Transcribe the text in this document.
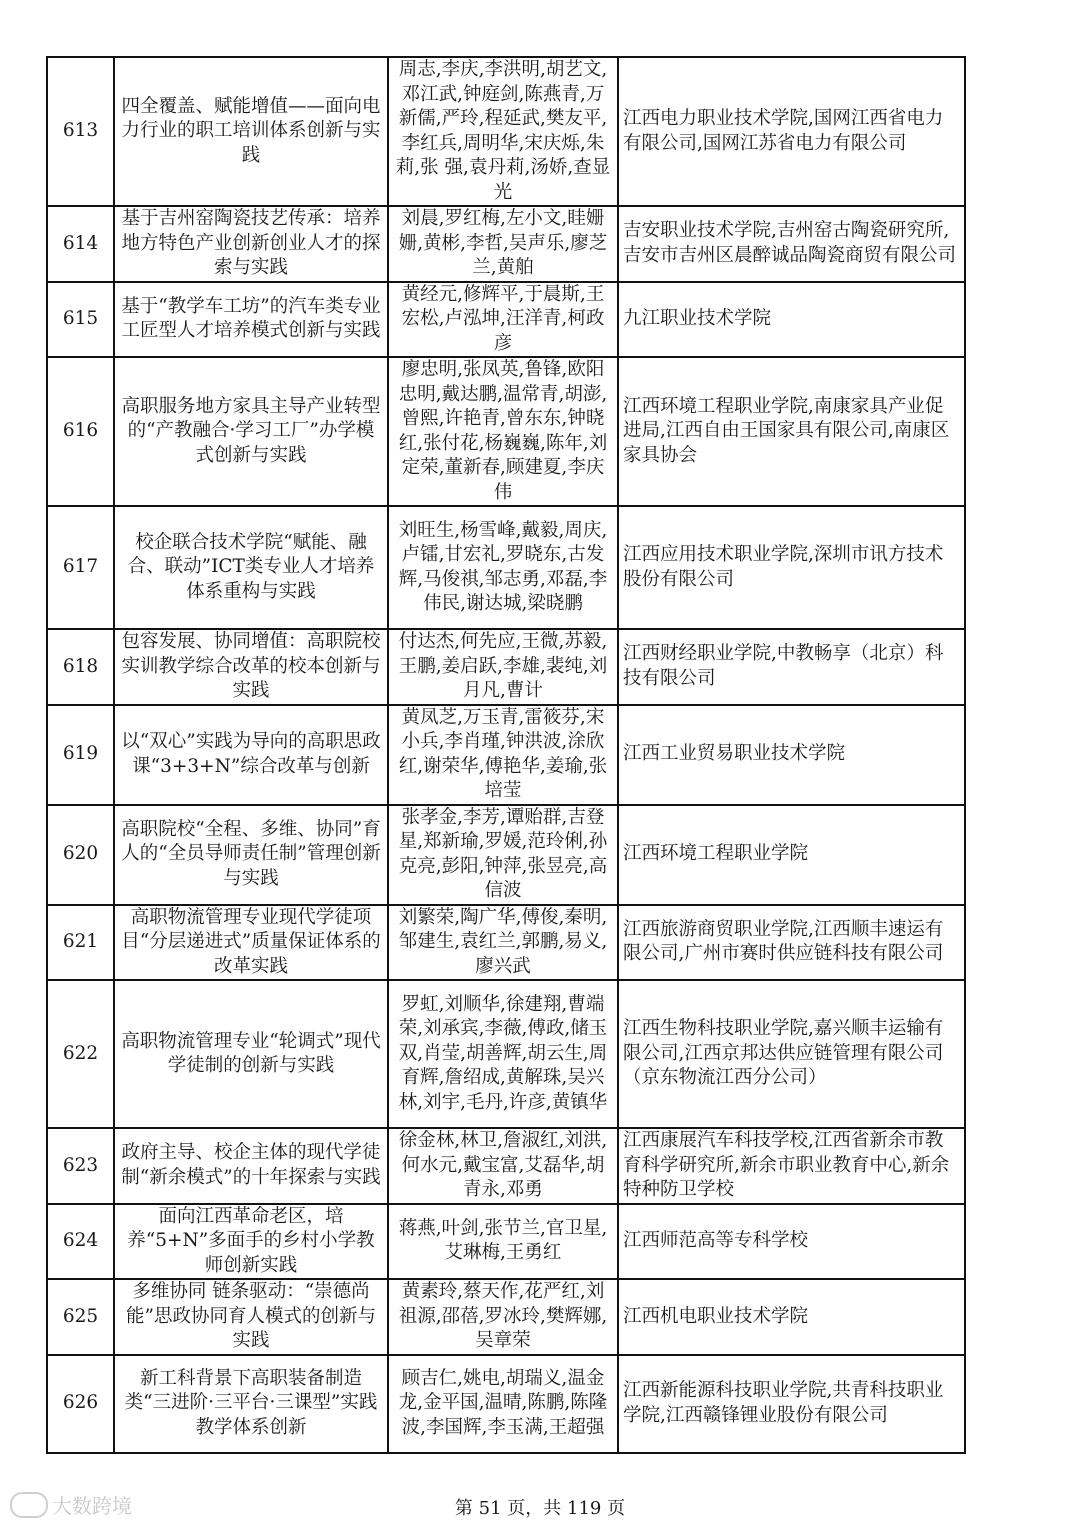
613	四全覆盖、赋能增值——面向电力行业的职工培训体系创新与实践	周志,李庆,李洪明,胡艺文,邓江武,钟庭剑,陈燕青,万新儒,严玲,程延武,樊友平,李红兵,周明华,宋庆烁,朱莉,张 强,袁丹莉,汤娇,查显光	江西电力职业技术学院,国网江西省电力有限公司,国网江苏省电力有限公司
614	基于吉州窑陶瓷技艺传承：培养地方特色产业创新创业人才的探索与实践	刘晨,罗红梅,左小文,眭姗姗,黄彬,李哲,吴声乐,廖芝兰,黄舶	吉安职业技术学院,吉州窑古陶瓷研究所,吉安市吉州区晨醉诚品陶瓷商贸有限公司
615	基于“教学车工坊”的汽车类专业工匠型人才培养模式创新与实践	黄经元,修辉平,于晨斯,王宏松,卢泓坤,汪洋青,柯政彦	九江职业技术学院
616	高职服务地方家具主导产业转型的“产教融合·学习工厂”办学模式创新与实践	廖忠明,张凤英,鲁锋,欧阳忠明,戴达鹏,温常青,胡澎,曾熙,许艳青,曾东东,钟晓红,张付花,杨巍巍,陈年,刘定荣,董新春,顾建夏,李庆伟	江西环境工程职业学院,南康家具产业促进局,江西自由王国家具有限公司,南康区家具协会
617	校企联合技术学院“赋能、融合、联动”ICT类专业人才培养体系重构与实践	刘旺生,杨雪峰,戴毅,周庆,卢镭,甘宏礼,罗晓东,古发辉,马俊祺,邹志勇,邓磊,李伟民,谢达城,梁晓鹏	江西应用技术职业学院,深圳市讯方技术股份有限公司
618	包容发展、协同增值：高职院校实训教学综合改革的校本创新与实践	付达杰,何先应,王微,苏毅,王鹏,姜启跃,李雄,裴纯,刘月凡,曹计	江西财经职业学院,中教畅享（北京）科技有限公司
619	以“双心”实践为导向的高职思政课“3+3+N”综合改革与创新	黄凤芝,万玉青,雷筱芬,宋小兵,李肖瑾,钟洪波,涂欣红,谢荣华,傅艳华,姜瑜,张培莹	江西工业贸易职业技术学院
620	高职院校“全程、多维、协同”育人的“全员导师责任制”管理创新与实践	张孝金,李芳,谭贻群,吉登星,郑新瑜,罗媛,范玲俐,孙克亮,彭阳,钟萍,张昱亮,高信波	江西环境工程职业学院
621	高职物流管理专业现代学徒项目“分层递进式”质量保证体系的改革实践	刘繁荣,陶广华,傅俊,秦明,邹建生,袁红兰,郭鹏,易义,廖兴武	江西旅游商贸职业学院,江西顺丰速运有限公司,广州市赛时供应链科技有限公司
622	高职物流管理专业“轮调式”现代学徒制的创新与实践	罗虹,刘顺华,徐建翔,曹端荣,刘承宾,李薇,傅政,储玉双,肖莹,胡善辉,胡云生,周育辉,詹绍成,黄解珠,吴兴林,刘宇,毛丹,许彦,黄镇华	江西生物科技职业学院,嘉兴顺丰运输有限公司,江西京邦达供应链管理有限公司（京东物流江西分公司）
623	政府主导、校企主体的现代学徒制“新余模式”的十年探索与实践	徐金林,林卫,詹淑红,刘洪,何水元,戴宝富,艾磊华,胡青永,邓勇	江西康展汽车科技学校,江西省新余市教育科学研究所,新余市职业教育中心,新余特种防卫学校
624	面向江西革命老区，培养“5+N”多面手的乡村小学教师创新实践	蒋燕,叶剑,张节兰,官卫星,艾琳梅,王勇红	江西师范高等专科学校
625	多维协同 链条驱动：“崇德尚能”思政协同育人模式的创新与实践	黄素玲,蔡天作,花严红,刘祖源,邵蓓,罗冰玲,樊辉娜,吴章荣	江西机电职业技术学院
626	新工科背景下高职装备制造类“三进阶·三平台·三课型”实践教学体系创新	顾吉仁,姚电,胡瑞义,温金龙,金平国,温晴,陈鹏,陈隆波,李国辉,李玉满,王超强	江西新能源科技职业学院,共青科技职业学院,江西赣锋锂业股份有限公司
大数跨境	第 51 页，共 119 页
